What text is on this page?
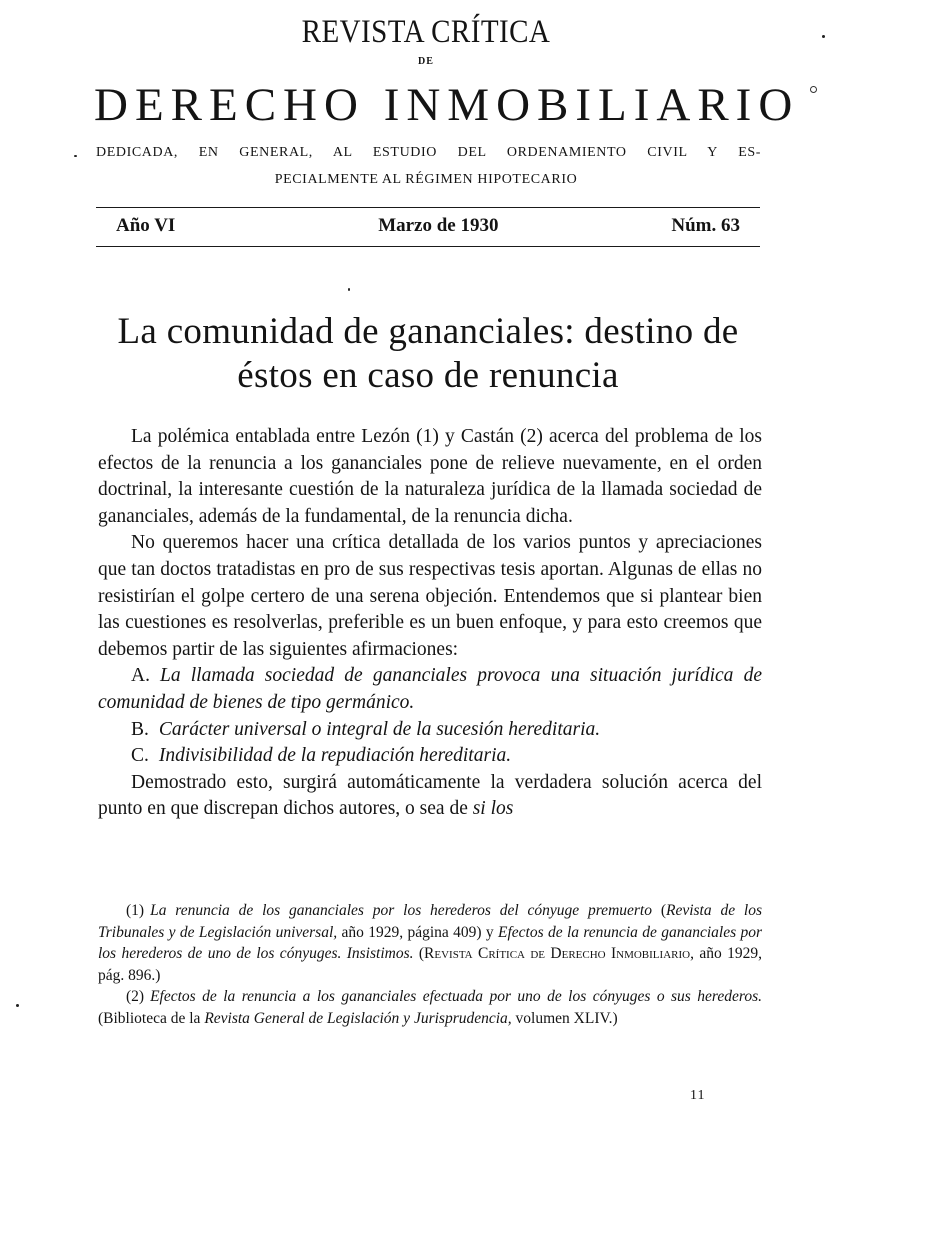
REVISTA CRÍTICA
DE
DERECHO INMOBILIARIO
DEDICADA, EN GENERAL, AL ESTUDIO DEL ORDENAMIENTO CIVIL Y ES-
PECIALMENTE AL RÉGIMEN HIPOTECARIO
Año VI	Marzo de 1930	Núm. 63
La comunidad de gananciales: destino de éstos en caso de renuncia

La polémica entablada entre Lezón (1) y Castán (2) acerca del problema de los efectos de la renuncia a los gananciales pone de relieve nuevamente, en el orden doctrinal, la interesante cuestión de la naturaleza jurídica de la llamada sociedad de gananciales, además de la fundamental, de la renuncia dicha.

No queremos hacer una crítica detallada de los varios puntos y apreciaciones que tan doctos tratadistas en pro de sus respectivas tesis aportan. Algunas de ellas no resistirían el golpe certero de una serena objeción. Entendemos que si plantear bien las cuestiones es resolverlas, preferible es un buen enfoque, y para esto creemos que debemos partir de las siguientes afirmaciones:

A. La llamada sociedad de gananciales provoca una situación jurídica de comunidad de bienes de tipo germánico.

B. Carácter universal o integral de la sucesión hereditaria.

C. Indivisibilidad de la repudiación hereditaria.

Demostrado esto, surgirá automáticamente la verdadera solución acerca del punto en que discrepan dichos autores, o sea de si los

(1) La renuncia de los gananciales por los herederos del cónyuge premuerto (Revista de los Tribunales y de Legislación universal, año 1929, página 409) y Efectos de la renuncia de gananciales por los herederos de uno de los cónyuges. Insistimos. (Revista Crítica de Derecho Inmobiliario, año 1929, pág. 896.)

(2) Efectos de la renuncia a los gananciales efectuada por uno de los cónyuges o sus herederos. (Biblioteca de la Revista General de Legislación y Jurisprudencia, volumen XLIV.)

11
